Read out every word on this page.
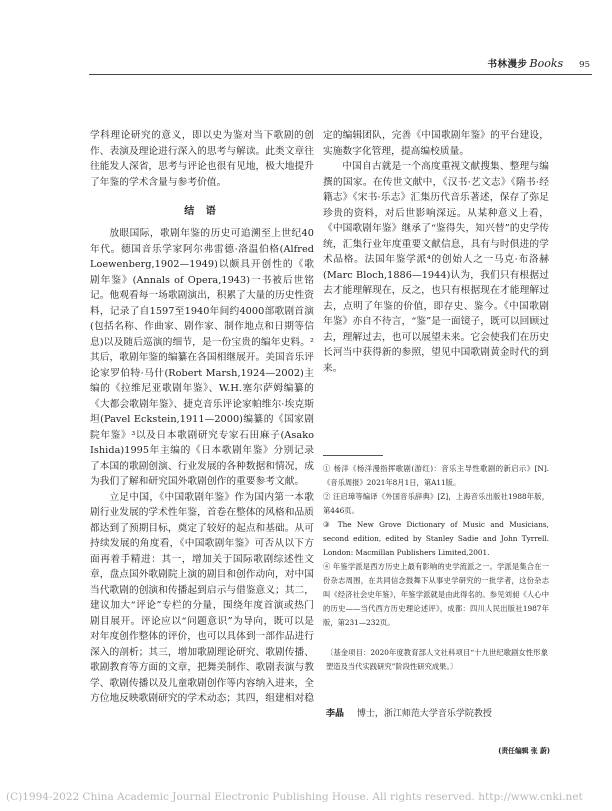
书林漫步 Books 95

学科理论研究的意义，即以史为鉴对当下歌剧的创作、表演及理论进行深入的思考与解读。此类文章往往能发人深省，思考与评论也很有见地，极大地提升了年鉴的学术含量与参考价值。

结 语

放眼国际，歌剧年鉴的历史可追溯至上世纪40年代。德国音乐学家阿尔弗雷德·洛温伯格(Alfred Loewenberg,1902—1949)以颇具开创性的《歌剧年鉴》(Annals of Opera,1943)一书被后世铭记。他观看每一场歌剧演出，积累了大量的历史性资料，记录了自1597至1940年间约4000部歌剧首演(包括名称、作曲家、剧作家、制作地点和日期等信息)以及随后巡演的细节，是一份宝贵的编年史料。²其后，歌剧年鉴的编纂在各国相继展开。美国音乐评论家罗伯特·马什(Robert Marsh,1924—2002)主编的《拉维尼亚歌剧年鉴》、W.H.塞尔萨姆编纂的《大都会歌剧年鉴》、捷克音乐评论家帕维尔·埃克斯坦(Pavel Eckstein,1911—2000)编纂的《国家剧院年鉴》³以及日本歌剧研究专家石田麻子(Asako Ishida)1995年主编的《日本歌剧年鉴》分别记录了本国的歌剧创演、行业发展的各种数据和情况，成为我们了解和研究国外歌剧创作的重要参考文献。

立足中国，《中国歌剧年鉴》作为国内第一本歌剧行业发展的学术性年鉴，首卷在整体的风格和品质都达到了预期目标，奠定了较好的起点和基础。从可持续发展的角度看，《中国歌剧年鉴》可否从以下方面再着手精进：其一，增加关于国际歌剧综述性文章，盘点国外歌剧院上演的剧目和创作动向，对中国当代歌剧的创演和传播起到启示与借鉴意义；其二，建议加大“评论”专栏的分量，围绕年度首演或热门剧目展开。评论应以“问题意识”为导向，既可以是对年度创作整体的评价，也可以具体到一部作品进行深入的剖析；其三，增加歌剧理论研究、歌剧传播、歌剧教育等方面的文章，把舞美制作、歌剧表演与教学、歌剧传播以及儿童歌剧创作等内容纳入进来，全方位地反映歌剧研究的学术动态；其四，组建相对稳

定的编辑团队，完善《中国歌剧年鉴》的平台建设，实施数字化管理，提高编校质量。

中国自古就是一个高度重视文献搜集、整理与编撰的国家。在传世文献中，《汉书·艺文志》《隋书·经籍志》《宋书·乐志》汇集历代音乐著述，保存了弥足珍贵的资料，对后世影响深远。从某种意义上看，《中国歌剧年鉴》继承了“鉴得失，知兴替”的史学传统，汇集行业年度重要文献信息，具有与时俱进的学术品格。法国年鉴学派⁴的创始人之一马克·布洛赫(Marc Bloch,1886—1944)认为，我们只有根据过去才能理解现在，反之，也只有根据现在才能理解过去，点明了年鉴的价值，即存史、鉴今。《中国歌剧年鉴》亦自不待言，“鉴”是一面镜子，既可以回顾过去，理解过去，也可以展望未来。它会使我们在历史长河当中获得新的参照，望见中国歌剧黄金时代的到来。

① 杨洋《杨洋漫指挥歌剧(游红)：音乐主导性歌剧的新启示》[N].《音乐周报》2021年8月1日，第A11版。

② 汪启璋等编译《外国音乐辞典》[Z]，上海音乐出版社1988年版，第446页。

③ The New Grove Dictionary of Music and Musicians, second edition, edited by Stanley Sadie and John Tyrrell. London: Macmillan Publishers Limited,2001.

④ 年鉴学派是西方历史上最有影响的史学流派之一。学派是集合在一份杂志周围，在共同信念鼓舞下从事史学研究的一批学者，这份杂志叫《经济社会史年鉴》，年鉴学派就是由此得名的。参见刘昶《人心中的历史——当代西方历史理论述评》，成都：四川人民出版社1987年版，第231—232页。

〔基金项目：2020年度教育部人文社科项目“十九世纪歌剧女性形象塑造及当代实践研究”阶段性研究成果。〕

李晶 博士，浙江师范大学音乐学院教授

(责任编辑 张 蔚)
(C)1994-2022 China Academic Journal Electronic Publishing House. All rights reserved. http://www.cnki.net
